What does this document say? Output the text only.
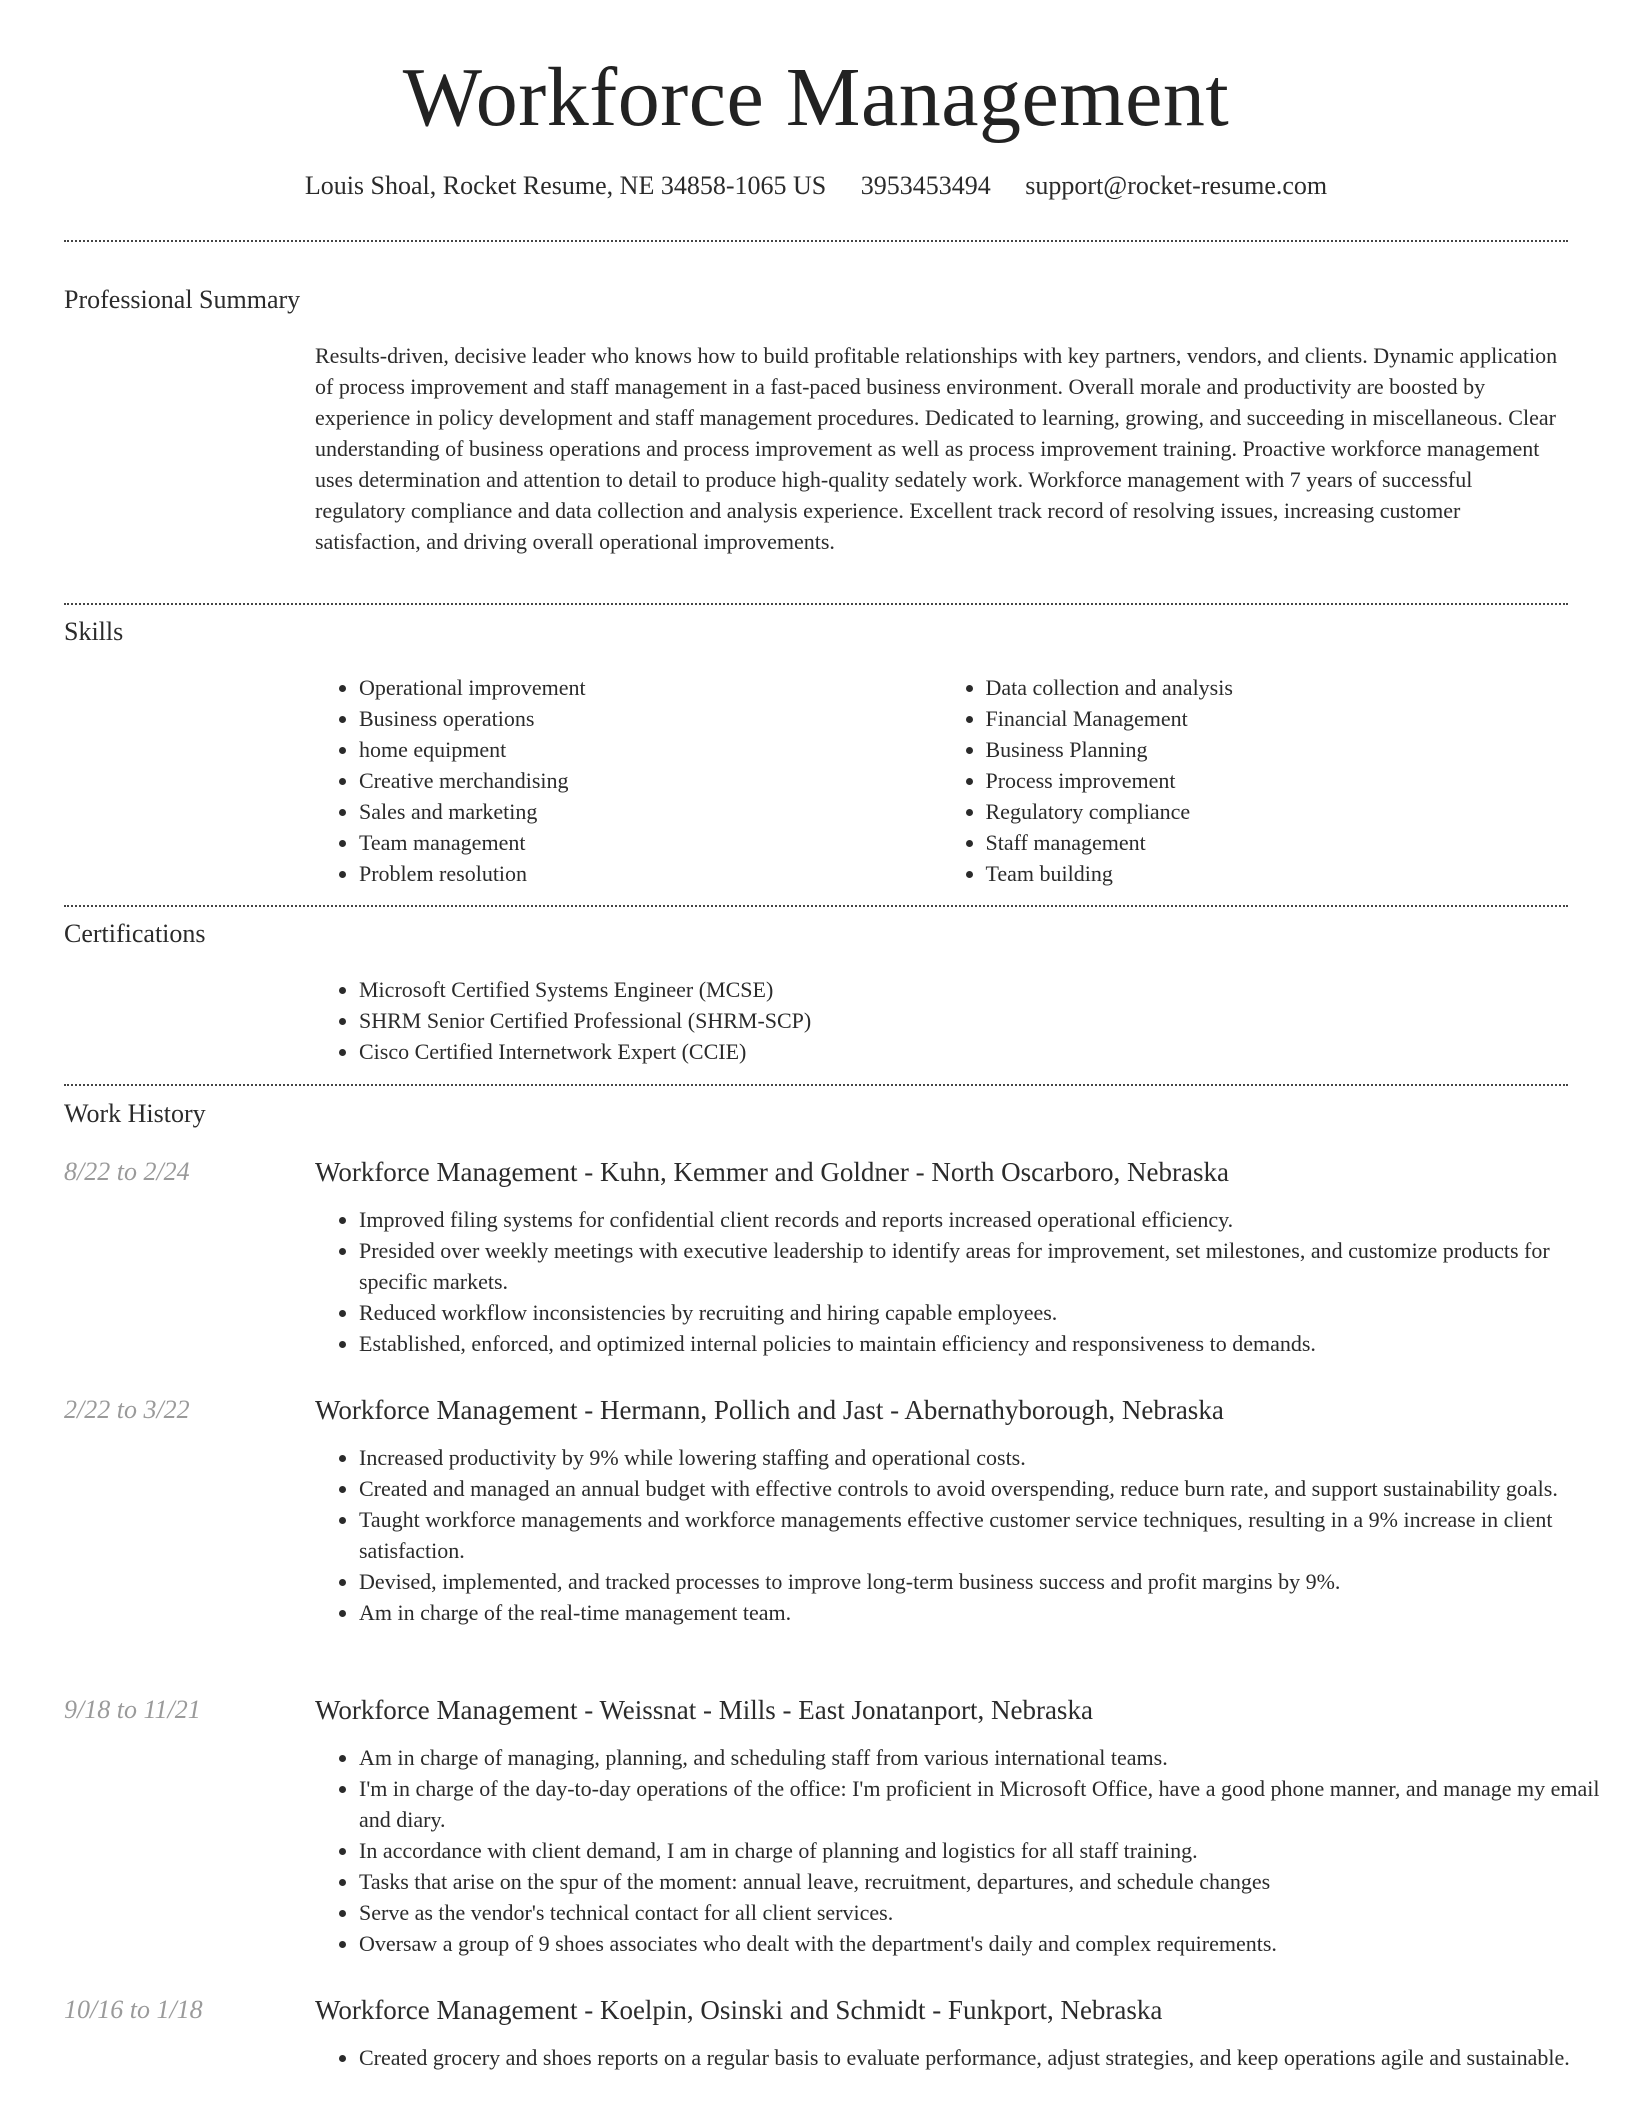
Workforce Management
Louis Shoal, Rocket Resume, NE 34858-1065 US 3953453494 support@rocket-resume.com
Professional Summary

Results-driven, decisive leader who knows how to build profitable relationships with key partners, vendors, and clients. Dynamic application of process improvement and staff management in a fast-paced business environment. Overall morale and productivity are boosted by experience in policy development and staff management procedures. Dedicated to learning, growing, and succeeding in miscellaneous. Clear understanding of business operations and process improvement as well as process improvement training. Proactive workforce management uses determination and attention to detail to produce high-quality sedately work. Workforce management with 7 years of successful regulatory compliance and data collection and analysis experience. Excellent track record of resolving issues, increasing customer satisfaction, and driving overall operational improvements.

Skills
• Operational improvement
• Business operations
• home equipment
• Creative merchandising
• Sales and marketing
• Team management
• Problem resolution
• Data collection and analysis
• Financial Management
• Business Planning
• Process improvement
• Regulatory compliance
• Staff management
• Team building
Certifications
• Microsoft Certified Systems Engineer (MCSE)
• SHRM Senior Certified Professional (SHRM-SCP)
• Cisco Certified Internetwork Expert (CCIE)
Work History
8/22 to 2/24	Workforce Management - Kuhn, Kemmer and Goldner - North Oscarboro, Nebraska
• Improved filing systems for confidential client records and reports increased operational efficiency.
• Presided over weekly meetings with executive leadership to identify areas for improvement, set milestones, and customize products for specific markets.
• Reduced workflow inconsistencies by recruiting and hiring capable employees.
• Established, enforced, and optimized internal policies to maintain efficiency and responsiveness to demands.
2/22 to 3/22	Workforce Management - Hermann, Pollich and Jast - Abernathyborough, Nebraska
• Increased productivity by 9% while lowering staffing and operational costs.
• Created and managed an annual budget with effective controls to avoid overspending, reduce burn rate, and support sustainability goals.
• Taught workforce managements and workforce managements effective customer service techniques, resulting in a 9% increase in client satisfaction.
• Devised, implemented, and tracked processes to improve long-term business success and profit margins by 9%.
• Am in charge of the real-time management team.
9/18 to 11/21	Workforce Management - Weissnat - Mills - East Jonatanport, Nebraska
• Am in charge of managing, planning, and scheduling staff from various international teams.
• I'm in charge of the day-to-day operations of the office: I'm proficient in Microsoft Office, have a good phone manner, and manage my email and diary.
• In accordance with client demand, I am in charge of planning and logistics for all staff training.
• Tasks that arise on the spur of the moment: annual leave, recruitment, departures, and schedule changes
• Serve as the vendor's technical contact for all client services.
• Oversaw a group of 9 shoes associates who dealt with the department's daily and complex requirements.
10/16 to 1/18	Workforce Management - Koelpin, Osinski and Schmidt - Funkport, Nebraska
• Created grocery and shoes reports on a regular basis to evaluate performance, adjust strategies, and keep operations agile and sustainable.
